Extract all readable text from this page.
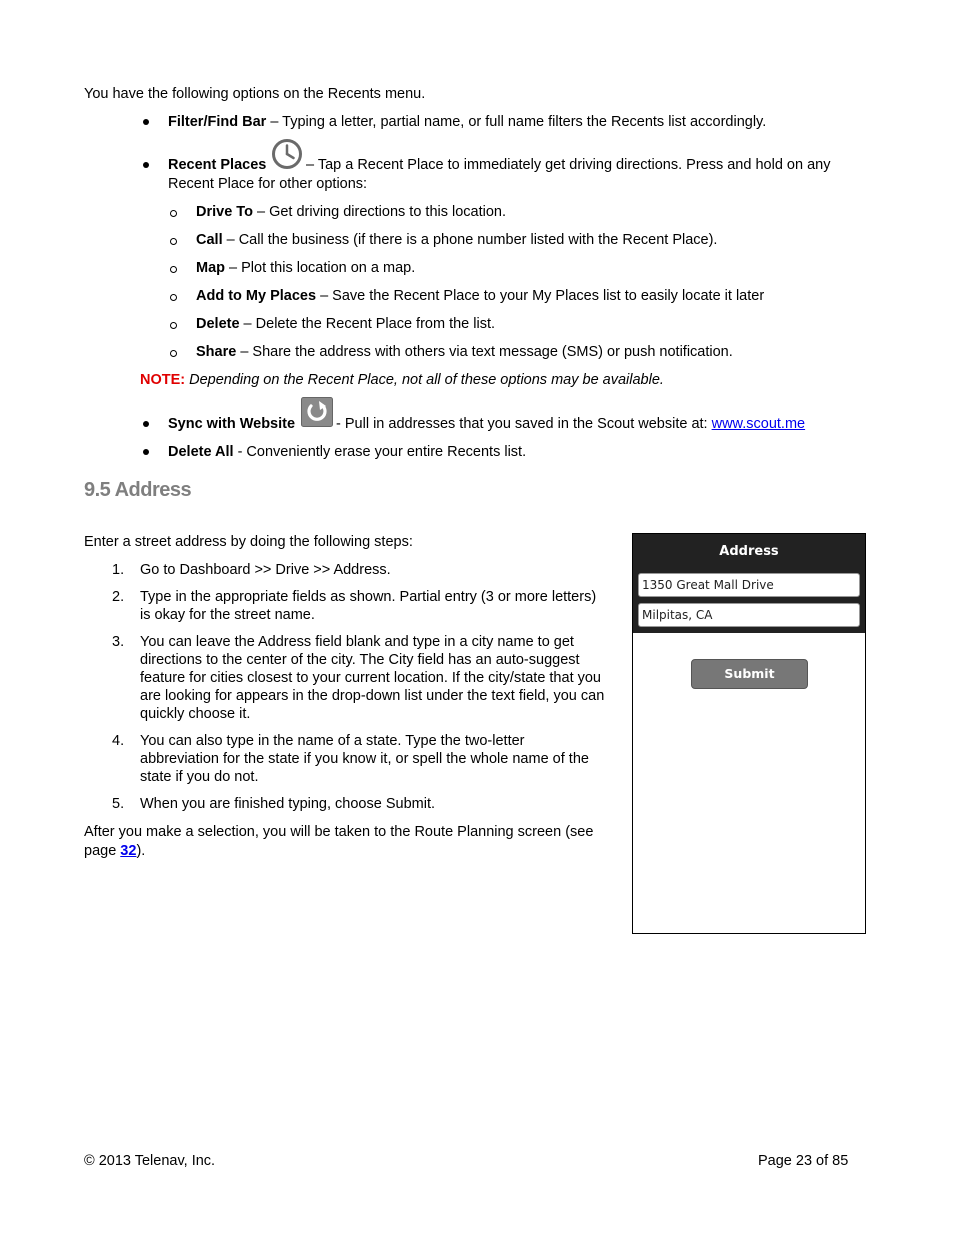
You have the following options on the Recents menu.
Filter/Find Bar – Typing a letter, partial name, or full name filters the Recents list accordingly.
Recent Places	– Tap a Recent Place to immediately get driving directions. Press and hold on any
Recent Place for other options:
Drive To – Get driving directions to this location.
Call – Call the business (if there is a phone number listed with the Recent Place).
Map – Plot this location on a map.
Add to My Places – Save the Recent Place to your My Places list to easily locate it later
Delete – Delete the Recent Place from the list.
Share – Share the address with others via text message (SMS) or push notification.
NOTE: Depending on the Recent Place, not all of these options may be available.
Sync with Website	- Pull in addresses that you saved in the Scout website at: www.scout.me
Delete All - Conveniently erase your entire Recents list.
9.5 Address
Enter a street address by doing the following steps:
1. Go to Dashboard >> Drive >> Address.
2. Type in the appropriate fields as shown. Partial entry (3 or more letters)
is okay for the street name.
3. You can leave the Address field blank and type in a city name to get
directions to the center of the city. The City field has an auto-suggest
feature for cities closest to your current location. If the city/state that you
are looking for appears in the drop-down list under the text field, you can
quickly choose it.
4. You can also type in the name of a state. Type the two-letter
abbreviation for the state if you know it, or spell the whole name of the
state if you do not.
5. When you are finished typing, choose Submit.
After you make a selection, you will be taken to the Route Planning screen (see
page 32).
Address
1350 Great Mall Drive
Milpitas, CA
Submit
© 2013 Telenav, Inc.	Page 23 of 85
